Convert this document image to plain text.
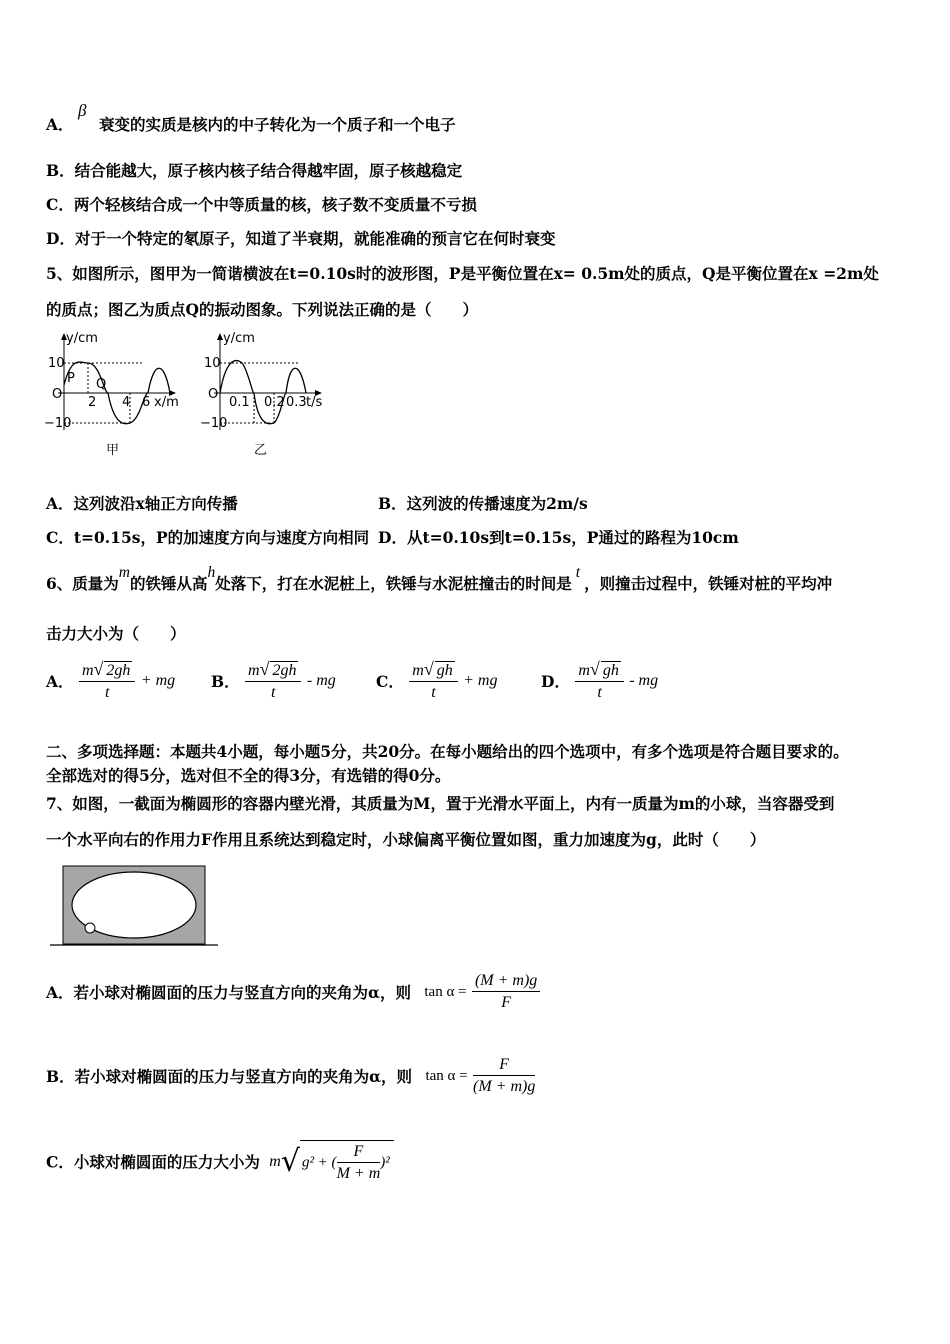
A．
β
衰变的实质是核内的中子转化为一个质子和一个电子
B．结合能越大，原子核内核子结合得越牢固，原子核越稳定
C．两个轻核结合成一个中等质量的核，核子数不变质量不亏损
D．对于一个特定的氡原子，知道了半衰期，就能准确的预言它在何时衰变
5、如图所示，图甲为一简谐横波在t=0.10s时的波形图，P是平衡位置在x= 0.5m处的质点，Q是平衡位置在x =2m处
的质点；图乙为质点Q的振动图象。下列说法正确的是（　　）
y/cm
x/m
10
−10
O
2 4 6
P Q
甲
y/cm
t/s
10
−10
O
0.1 0.2 0.3
乙
A．这列波沿x轴正方向传播	B．这列波的传播速度为2m/s
C．t=0.15s，P的加速度方向与速度方向相同 D．从t=0.10s到t=0.15s，P通过的路程为10cm
6、质量为m的铁锤从高h处落下，打在水泥桩上，铁锤与水泥桩撞击的时间是t，则撞击过程中，铁锤对桩的平均冲
击力大小为（　　）
A． $\frac{m√ 2gh}{t}$ + mg B． $\frac{m√ 2gh}{t}$ - mg	C． $\frac{m√ gh}{t}$ + mg	D． $\frac{m√ gh}{t}$ - mg
二、多项选择题：本题共4小题，每小题5分，共20分。在每小题给出的四个选项中，有多个选项是符合题目要求的。
全部选对的得5分，选对但不全的得3分，有选错的得0分。
7、如图，一截面为椭圆形的容器内壁光滑，其质量为M，置于光滑水平面上，内有一质量为m的小球，当容器受到
一个水平向右的作用力F作用且系统达到稳定时，小球偏离平衡位置如图，重力加速度为g，此时（　　）
A．若小球对椭圆面的压力与竖直方向的夹角为α，则 $\tan \alpha = \frac{(M + m)g}{F}$
B．若小球对椭圆面的压力与竖直方向的夹角为α，则 $\tan \alpha = \frac{F}{(M + m)g}$
C．小球对椭圆面的压力大小为 m√ g² + ( $\frac{F}{M + m} )^2$
